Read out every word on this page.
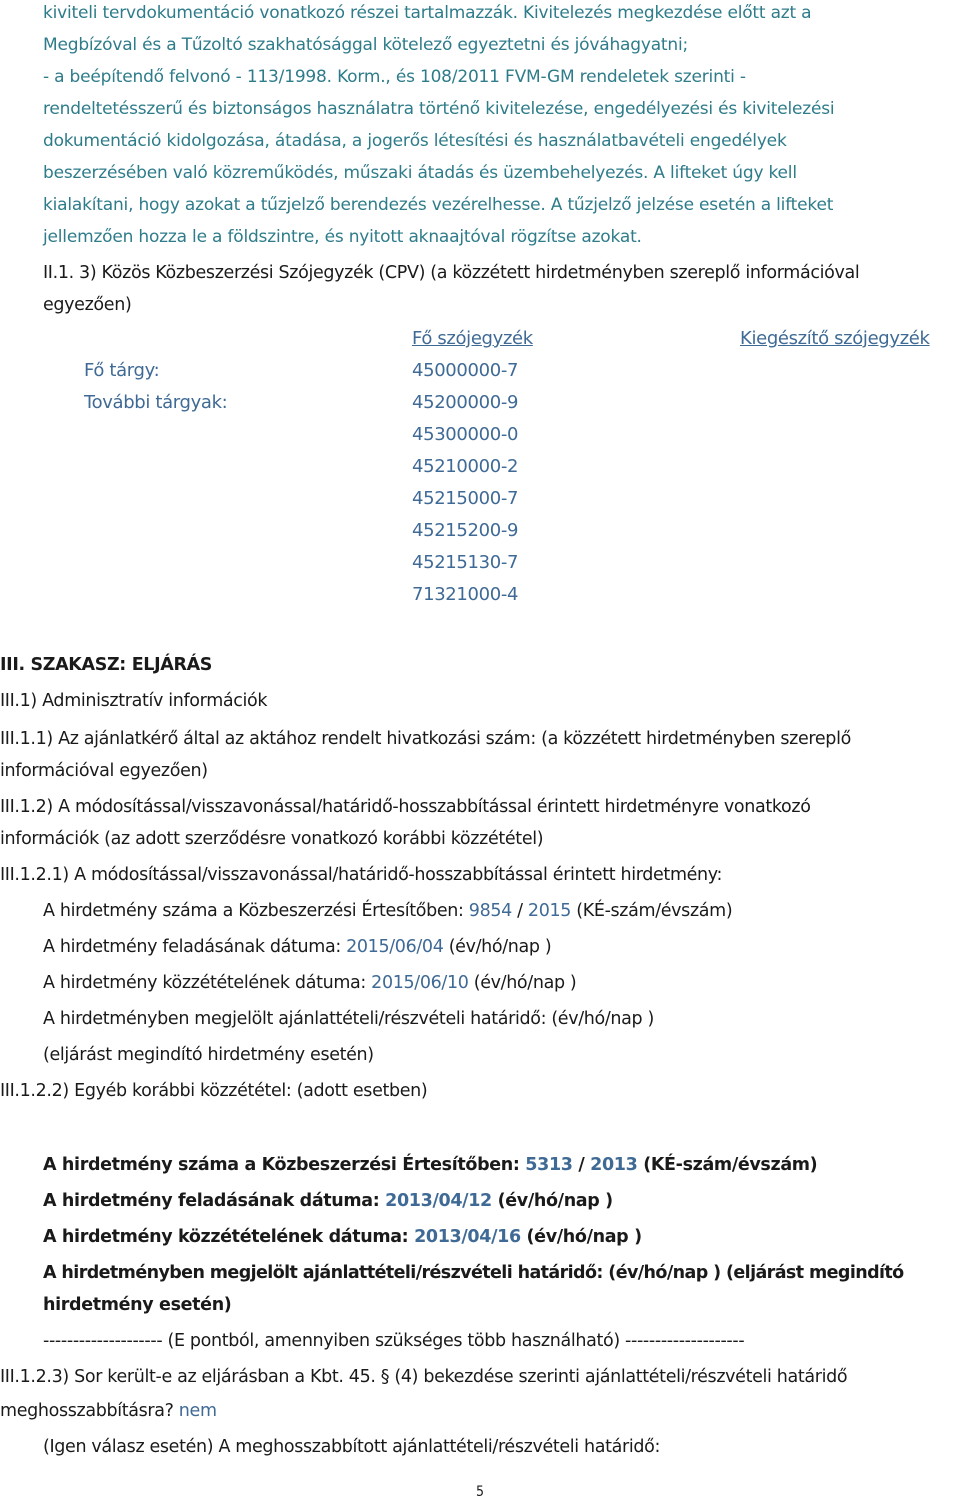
kiviteli tervdokumentáció vonatkozó részei tartalmazzák. Kivitelezés megkezdése előtt azt a
Megbízóval és a Tűzoltó szakhatósággal kötelező egyeztetni és jóváhagyatni;
- a beépítendő felvonó - 113/1998. Korm., és 108/2011 FVM-GM rendeletek szerinti -
rendeltetésszerű és biztonságos használatra történő kivitelezése, engedélyezési és kivitelezési
dokumentáció kidolgozása, átadása, a jogerős létesítési és használatbavételi engedélyek
beszerzésében való közreműködés, műszaki átadás és üzembehelyezés. A lifteket úgy kell
kialakítani, hogy azokat a tűzjelző berendezés vezérelhesse. A tűzjelző jelzése esetén a lifteket
jellemzően hozza le a földszintre, és nyitott aknaajtóval rögzítse azokat.
II.1. 3) Közös Közbeszerzési Szójegyzék (CPV) (a közzétett hirdetményben szereplő információval
egyezően)
Fő szójegyzék	Kiegészítő szójegyzék
Fő tárgy:	45000000-7
További tárgyak:	45200000-9
45300000-0
45210000-2
45215000-7
45215200-9
45215130-7
71321000-4
III. SZAKASZ: ELJÁRÁS
III.1) Adminisztratív információk
III.1.1) Az ajánlatkérő által az aktához rendelt hivatkozási szám: (a közzétett hirdetményben szereplő
információval egyezően)
III.1.2) A módosítással/visszavonással/határidő-hosszabbítással érintett hirdetményre vonatkozó
információk (az adott szerződésre vonatkozó korábbi közzététel)
III.1.2.1) A módosítással/visszavonással/határidő-hosszabbítással érintett hirdetmény:
A hirdetmény száma a Közbeszerzési Értesítőben: 9854 / 2015 (KÉ-szám/évszám)
A hirdetmény feladásának dátuma: 2015/06/04 (év/hó/nap )
A hirdetmény közzétételének dátuma: 2015/06/10 (év/hó/nap )
A hirdetményben megjelölt ajánlattételi/részvételi határidő: (év/hó/nap )
(eljárást megindító hirdetmény esetén)
III.1.2.2) Egyéb korábbi közzététel: (adott esetben)
A hirdetmény száma a Közbeszerzési Értesítőben: 5313 / 2013 (KÉ-szám/évszám)
A hirdetmény feladásának dátuma: 2013/04/12 (év/hó/nap )
A hirdetmény közzétételének dátuma: 2013/04/16 (év/hó/nap )
A hirdetményben megjelölt ajánlattételi/részvételi határidő: (év/hó/nap ) (eljárást megindító
hirdetmény esetén)
-------------------- (E pontból, amennyiben szükséges több használható) --------------------
III.1.2.3) Sor került-e az eljárásban a Kbt. 45. § (4) bekezdése szerinti ajánlattételi/részvételi határidő
meghosszabbításra? nem
(Igen válasz esetén) A meghosszabbított ajánlattételi/részvételi határidő:
5
